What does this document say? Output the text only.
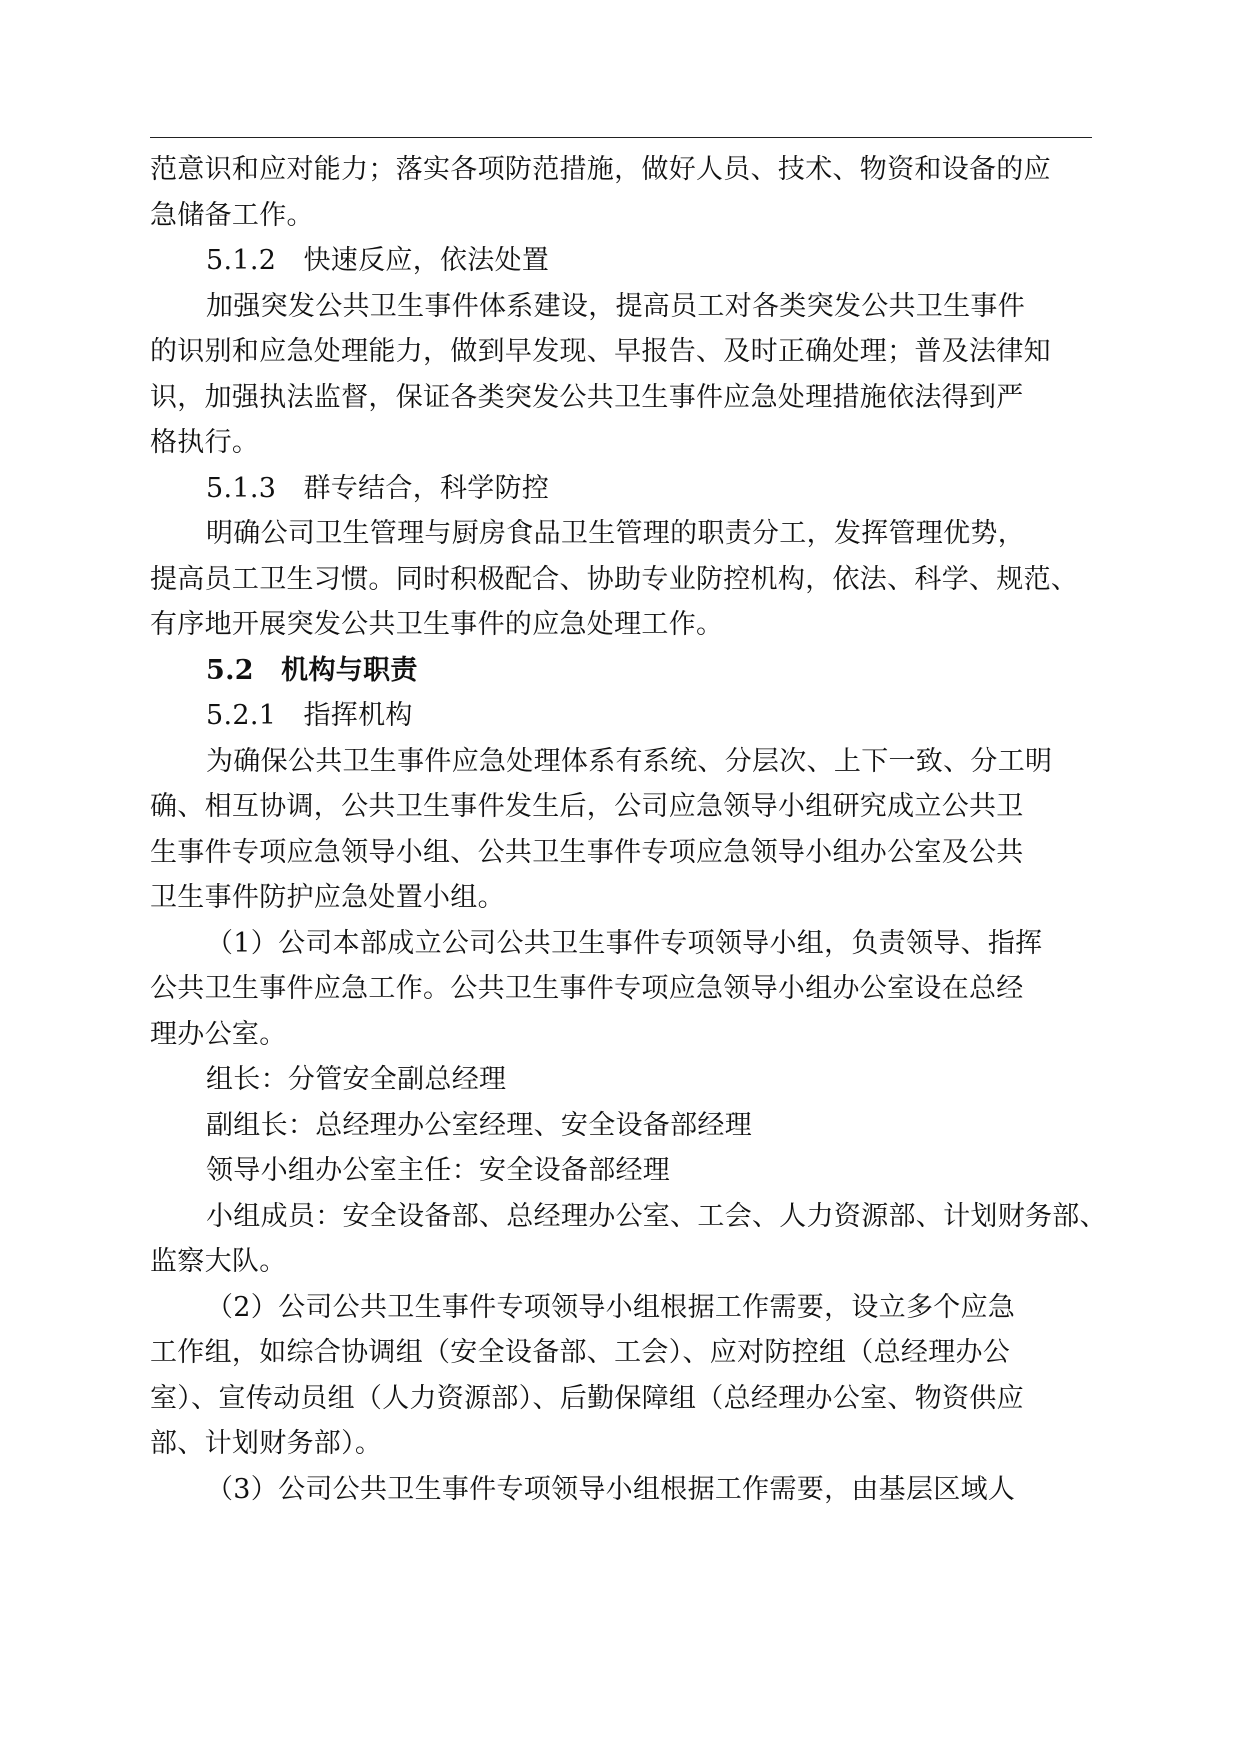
范意识和应对能力；落实各项防范措施，做好人员、技术、物资和设备的应
急储备工作。
5.1.2　快速反应，依法处置
加强突发公共卫生事件体系建设，提高员工对各类突发公共卫生事件
的识别和应急处理能力，做到早发现、早报告、及时正确处理；普及法律知
识，加强执法监督，保证各类突发公共卫生事件应急处理措施依法得到严
格执行。
5.1.3　群专结合，科学防控
明确公司卫生管理与厨房食品卫生管理的职责分工，发挥管理优势，
提高员工卫生习惯。同时积极配合、协助专业防控机构，依法、科学、规范、
有序地开展突发公共卫生事件的应急处理工作。
5.2　机构与职责
5.2.1　指挥机构
为确保公共卫生事件应急处理体系有系统、分层次、上下一致、分工明
确、相互协调，公共卫生事件发生后，公司应急领导小组研究成立公共卫
生事件专项应急领导小组、公共卫生事件专项应急领导小组办公室及公共
卫生事件防护应急处置小组。
（1）公司本部成立公司公共卫生事件专项领导小组，负责领导、指挥
公共卫生事件应急工作。公共卫生事件专项应急领导小组办公室设在总经
理办公室。
组长：分管安全副总经理
副组长：总经理办公室经理、安全设备部经理
领导小组办公室主任：安全设备部经理
小组成员：安全设备部、总经理办公室、工会、人力资源部、计划财务部、
监察大队。
（2）公司公共卫生事件专项领导小组根据工作需要，设立多个应急
工作组，如综合协调组（安全设备部、工会）、应对防控组（总经理办公
室）、宣传动员组（人力资源部）、后勤保障组（总经理办公室、物资供应
部、计划财务部）。
（3）公司公共卫生事件专项领导小组根据工作需要，由基层区域人
